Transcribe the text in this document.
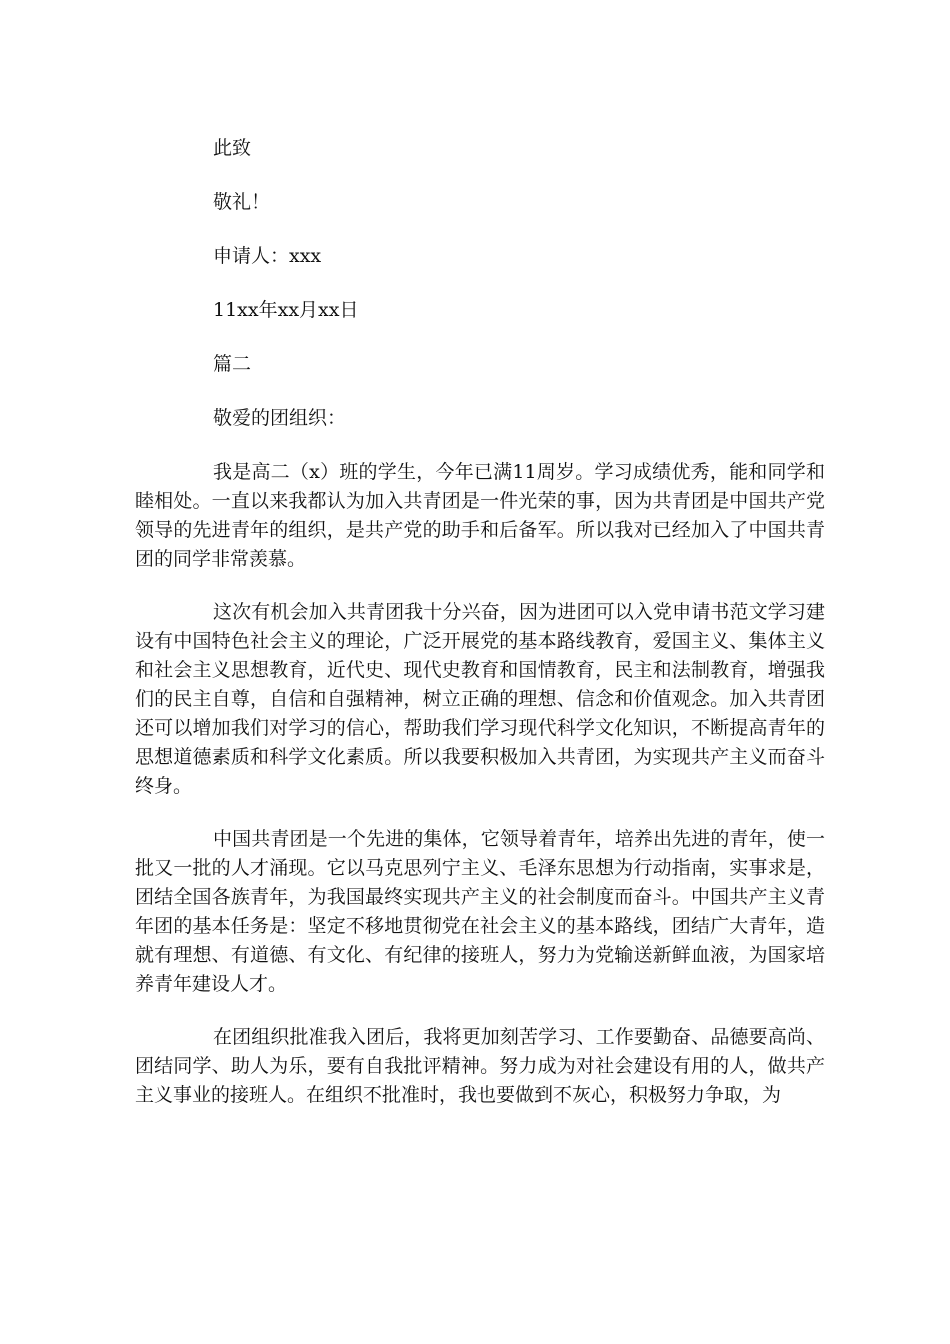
此致

敬礼！

申请人：xxx

11xx年xx月xx日

篇二

敬爱的团组织：

我是高二（x）班的学生，今年已满11周岁。学习成绩优秀，能和同学和睦相处。一直以来我都认为加入共青团是一件光荣的事，因为共青团是中国共产党领导的先进青年的组织，是共产党的助手和后备军。所以我对已经加入了中国共青团的同学非常羡慕。

这次有机会加入共青团我十分兴奋，因为进团可以入党申请书范文学习建设有中国特色社会主义的理论，广泛开展党的基本路线教育，爱国主义、集体主义和社会主义思想教育，近代史、现代史教育和国情教育，民主和法制教育，增强我们的民主自尊，自信和自强精神，树立正确的理想、信念和价值观念。加入共青团还可以增加我们对学习的信心，帮助我们学习现代科学文化知识，不断提高青年的思想道德素质和科学文化素质。所以我要积极加入共青团，为实现共产主义而奋斗终身。

中国共青团是一个先进的集体，它领导着青年，培养出先进的青年，使一批又一批的人才涌现。它以马克思列宁主义、毛泽东思想为行动指南，实事求是，团结全国各族青年，为我国最终实现共产主义的社会制度而奋斗。中国共产主义青年团的基本任务是：坚定不移地贯彻党在社会主义的基本路线，团结广大青年，造就有理想、有道德、有文化、有纪律的接班人，努力为党输送新鲜血液，为国家培养青年建设人才。

在团组织批准我入团后，我将更加刻苦学习、工作要勤奋、品德要高尚、团结同学、助人为乐，要有自我批评精神。努力成为对社会建设有用的人，做共产主义事业的接班人。在组织不批准时，我也要做到不灰心，积极努力争取，为
